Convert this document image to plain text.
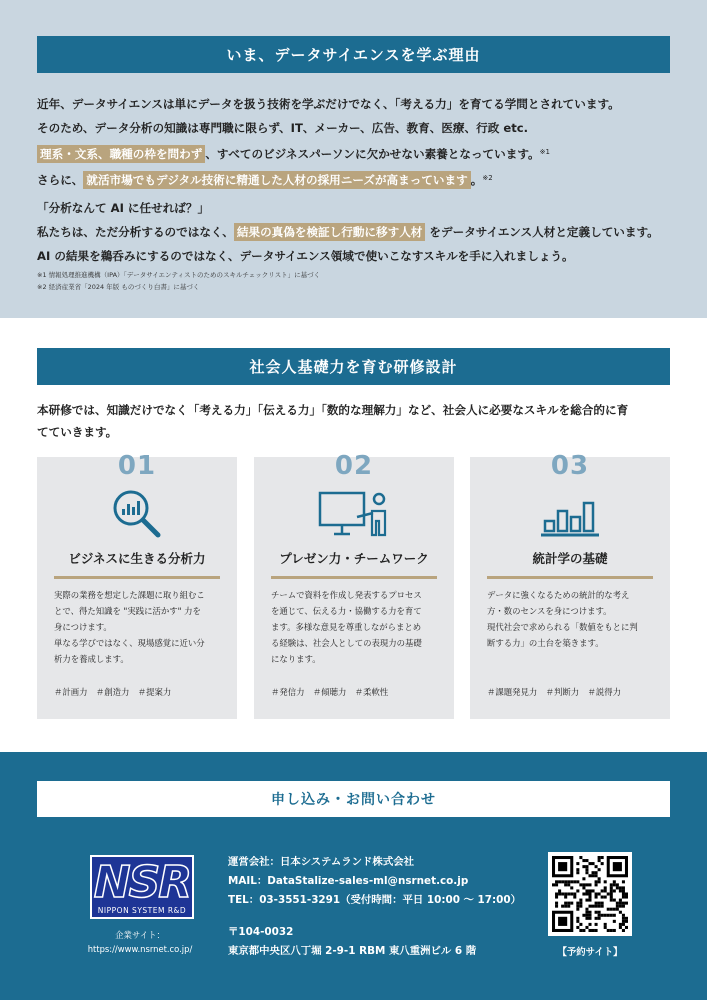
いま、データサイエンスを学ぶ理由
近年、データサイエンスは単にデータを扱う技術を学ぶだけでなく、「考える力」を育てる学問とされています。
そのため、データ分析の知識は専門職に限らず、IT、メーカー、広告、教育、医療、行政 etc.
理系・文系、職種の枠を問わず 、すべてのビジネスパーソンに欠かせない素養となっています。$^{※1}$
さらに、 就活市場でもデジタル技術に精通した人材の採用ニーズが高まっています 。$^{※2}$
「分析なんて AI に任せれば？」
私たちは、ただ分析するのではなく、 結果の真偽を検証し行動に移す人材 をデータサイエンス人材と定義しています。
AI の結果を鵜呑みにするのではなく、データサイエンス領域で使いこなすスキルを手に入れましょう。
※1 情報処理推進機構（IPA）「データサイエンティストのためのスキルチェックリスト」に基づく
※2 経済産業省「2024 年版 ものづくり白書」に基づく
社会人基礎力を育む研修設計
本研修では、知識だけでなく「考える力」「伝える力」「数的な理解力」など、社会人に必要なスキルを総合的に育
てていきます。
01
ビジネスに生きる分析力
実際の業務を想定した課題に取り組むこ
とで、得た知識を "実践に活かす" 力を
身につけます。
単なる学びではなく、現場感覚に近い分
析力を養成します。
＃計画力　＃創造力　＃提案力
02
プレゼン力・チームワーク
チームで資料を作成し発表するプロセス
を通じて、伝える力・協働する力を育て
ます。多様な意見を尊重しながらまとめ
る経験は、社会人としての表現力の基礎
になります。
＃発信力　＃傾聴力　＃柔軟性
03
統計学の基礎
データに強くなるための統計的な考え
方・数のセンスを身につけます。
現代社会で求められる「数値をもとに判
断する力」の土台を築きます。
＃課題発見力　＃判断力　＃説得力
申し込み・お問い合わせ
NSR
NIPPON SYSTEM R&D
企業サイト：
https://www.nsrnet.co.jp/
運営会社：日本システムランド株式会社
MAIL：DataStalize-sales-ml@nsrnet.co.jp
TEL：03-3551-3291（受付時間：平日 10:00 ～ 17:00）
〒104-0032
東京都中央区八丁堀 2-9-1 RBM 東八重洲ビル 6 階	【予約サイト】
